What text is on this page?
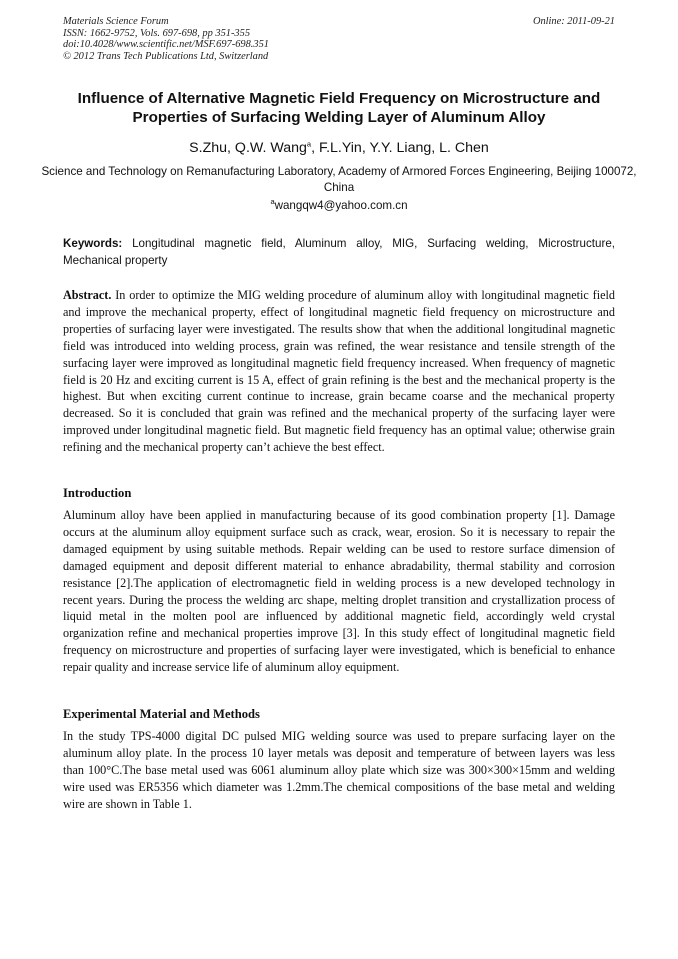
Materials Science Forum
ISSN: 1662-9752, Vols. 697-698, pp 351-355
doi:10.4028/www.scientific.net/MSF.697-698.351
© 2012 Trans Tech Publications Ltd, Switzerland
Online: 2011-09-21
Influence of Alternative Magnetic Field Frequency on Microstructure and Properties of Surfacing Welding Layer of Aluminum Alloy
S.Zhu, Q.W. Wang$^a$, F.L.Yin, Y.Y. Liang, L. Chen
Science and Technology on Remanufacturing Laboratory, Academy of Armored Forces Engineering, Beijing 100072, China
$^a$wangqw4@yahoo.com.cn
Keywords: Longitudinal magnetic field, Aluminum alloy, MIG, Surfacing welding, Microstructure, Mechanical property
Abstract. In order to optimize the MIG welding procedure of aluminum alloy with longitudinal magnetic field and improve the mechanical property, effect of longitudinal magnetic field frequency on microstructure and properties of surfacing layer were investigated. The results show that when the additional longitudinal magnetic field was introduced into welding process, grain was refined, the wear resistance and tensile strength of the surfacing layer were improved as longitudinal magnetic field frequency increased. When frequency of magnetic field is 20 Hz and exciting current is 15 A, effect of grain refining is the best and the mechanical property is the highest. But when exciting current continue to increase, grain became coarse and the mechanical property decreased. So it is concluded that grain was refined and the mechanical property of the surfacing layer were improved under longitudinal magnetic field. But magnetic field frequency has an optimal value; otherwise grain refining and the mechanical property can’t achieve the best effect.
Introduction
Aluminum alloy have been applied in manufacturing because of its good combination property [1]. Damage occurs at the aluminum alloy equipment surface such as crack, wear, erosion. So it is necessary to repair the damaged equipment by using suitable methods. Repair welding can be used to restore surface dimension of damaged equipment and deposit different material to enhance abradability, thermal stability and corrosion resistance [2].The application of electromagnetic field in welding process is a new developed technology in recent years. During the process the welding arc shape, melting droplet transition and crystallization process of liquid metal in the molten pool are influenced by additional magnetic field, accordingly weld crystal organization refine and mechanical properties improve [3]. In this study effect of longitudinal magnetic field frequency on microstructure and properties of surfacing layer were investigated, which is beneficial to enhance repair quality and increase service life of aluminum alloy equipment.
Experimental Material and Methods
In the study TPS-4000 digital DC pulsed MIG welding source was used to prepare surfacing layer on the aluminum alloy plate. In the process 10 layer metals was deposit and temperature of between layers was less than 100°C.The base metal used was 6061 aluminum alloy plate which size was 300×300×15mm and welding wire used was ER5356 which diameter was 1.2mm.The chemical compositions of the base metal and welding wire are shown in Table 1.
